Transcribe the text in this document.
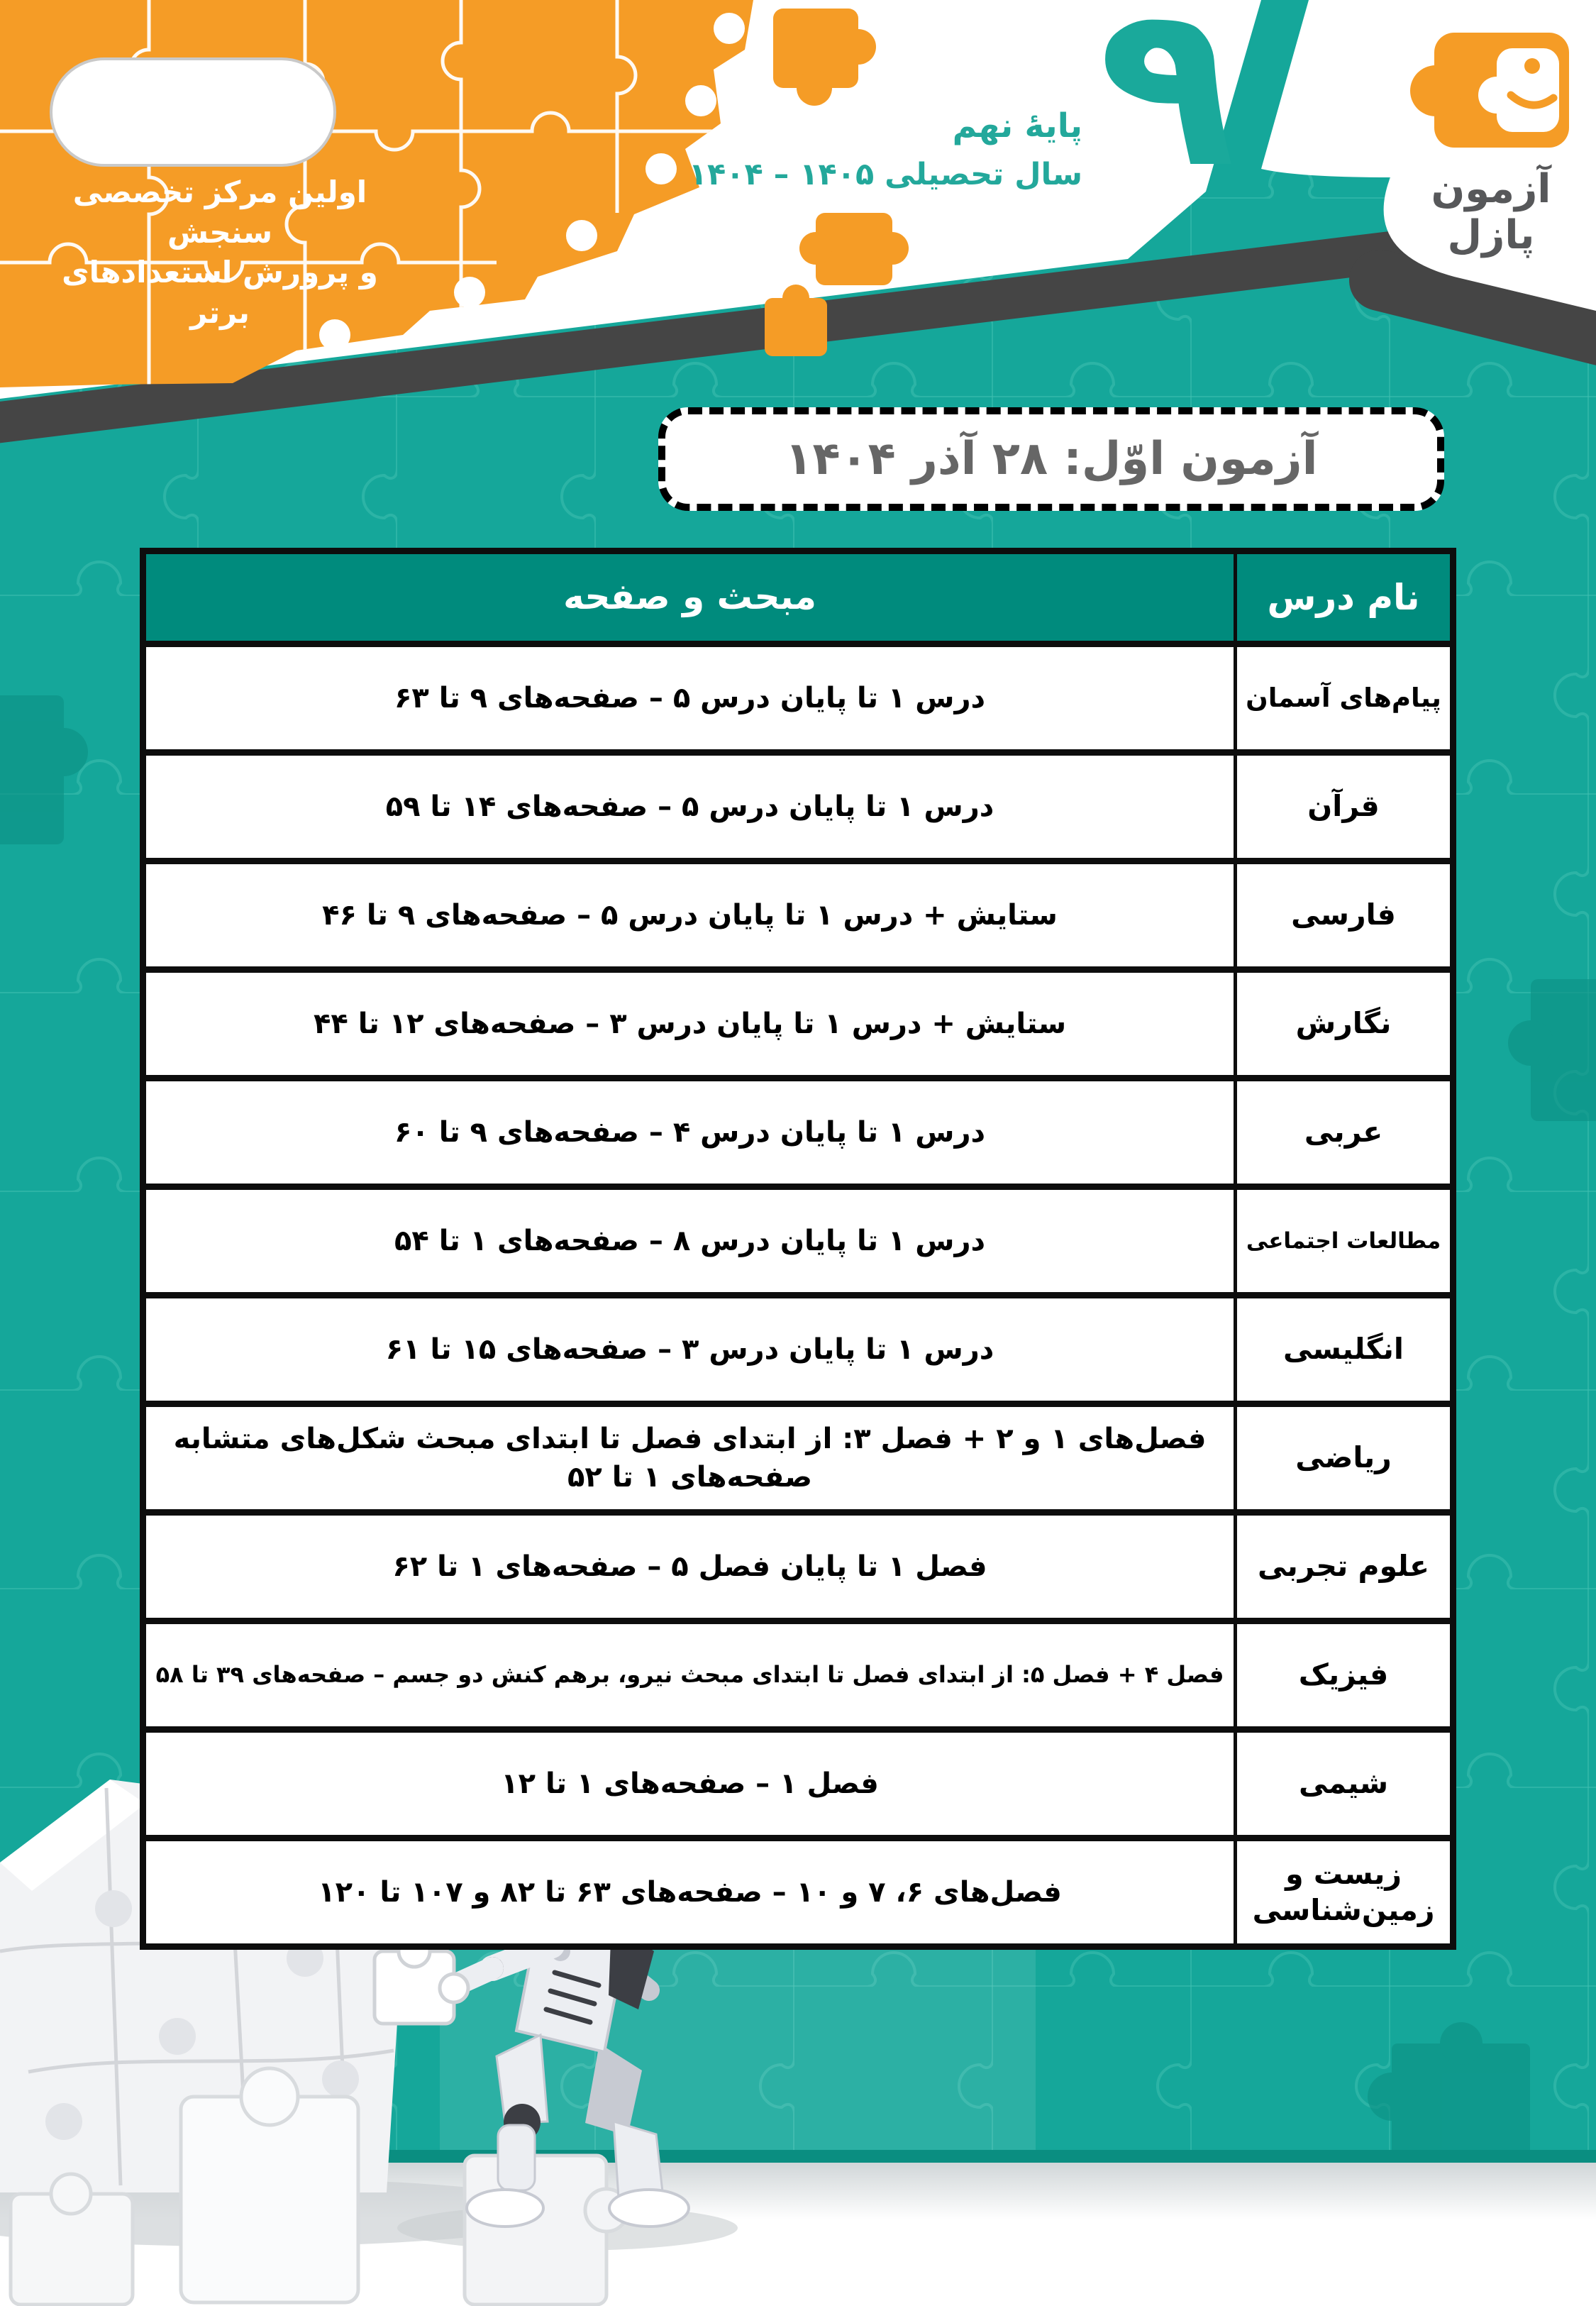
اولین مرکز تخصصی سنجش
و پرورش استعدادهای برتر
پایهٔ نهم
سال تحصیلی ۱۴۰۵ – ۱۴۰۴ ۹	آزمون پازل
آزمون اوّل: ۲۸ آذر ۱۴۰۴
نام درس
مبحث و صفحه
پیام‌های آسمان
درس ۱ تا پایان درس ۵ – صفحه‌های ۹ تا ۶۳
قرآن
درس ۱ تا پایان درس ۵ – صفحه‌های ۱۴ تا ۵۹
فارسی
ستایش + درس ۱ تا پایان درس ۵ – صفحه‌های ۹ تا ۴۶
نگارش
ستایش + درس ۱ تا پایان درس ۳ – صفحه‌های ۱۲ تا ۴۴
عربی
درس ۱ تا پایان درس ۴ – صفحه‌های ۹ تا ۶۰
مطالعات اجتماعی
درس ۱ تا پایان درس ۸ – صفحه‌های ۱ تا ۵۴
انگلیسی
درس ۱ تا پایان درس ۳ – صفحه‌های ۱۵ تا ۶۱
ریاضی
فصل‌های ۱ و ۲ + فصل ۳: از ابتدای فصل تا ابتدای مبحث شکل‌های متشابه
صفحه‌های ۱ تا ۵۲
علوم تجربی
فصل ۱ تا پایان فصل ۵ – صفحه‌های ۱ تا ۶۲
فیزیک
فصل ۴ + فصل ۵: از ابتدای فصل تا ابتدای مبحث نیرو، برهم کنش دو جسم – صفحه‌های ۳۹ تا ۵۸
شیمی
فصل ۱ – صفحه‌های ۱ تا ۱۲
زیست و
زمین‌شناسی
فصل‌های ۶، ۷ و ۱۰ – صفحه‌های ۶۳ تا ۸۲ و ۱۰۷ تا ۱۲۰
